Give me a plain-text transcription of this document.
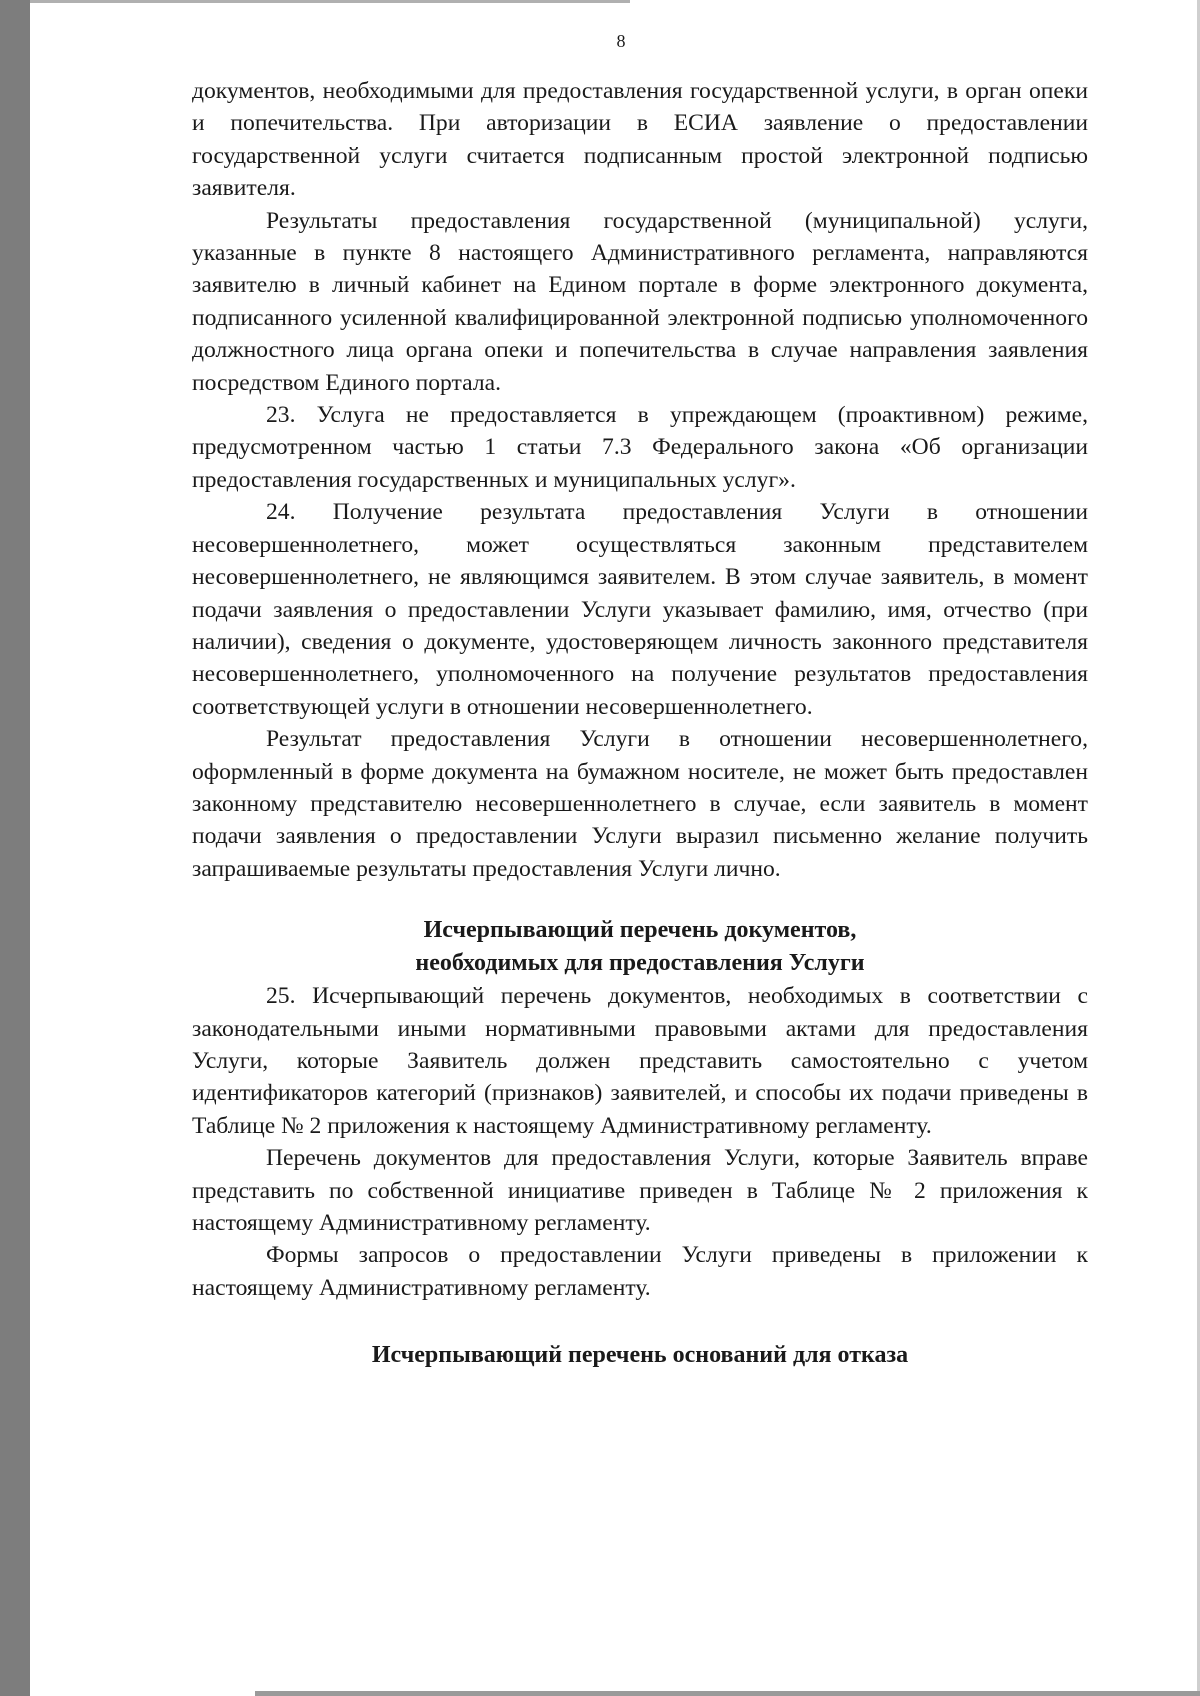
8

документов, необходимыми для предоставления государственной услуги, в орган опеки и попечительства. При авторизации в ЕСИА заявление о предоставлении государственной услуги считается подписанным простой электронной подписью заявителя.

Результаты предоставления государственной (муниципальной) услуги, указанные в пункте 8 настоящего Административного регламента, направляются заявителю в личный кабинет на Едином портале в форме электронного документа, подписанного усиленной квалифицированной электронной подписью уполномоченного должностного лица органа опеки и попечительства в случае направления заявления посредством Единого портала.

23. Услуга не предоставляется в упреждающем (проактивном) режиме, предусмотренном частью 1 статьи 7.3 Федерального закона «Об организации предоставления государственных и муниципальных услуг».

24. Получение результата предоставления Услуги в отношении несовершеннолетнего, может осуществляться законным представителем несовершеннолетнего, не являющимся заявителем. В этом случае заявитель, в момент подачи заявления о предоставлении Услуги указывает фамилию, имя, отчество (при наличии), сведения о документе, удостоверяющем личность законного представителя несовершеннолетнего, уполномоченного на получение результатов предоставления соответствующей услуги в отношении несовершеннолетнего.

Результат предоставления Услуги в отношении несовершеннолетнего, оформленный в форме документа на бумажном носителе, не может быть предоставлен законному представителю несовершеннолетнего в случае, если заявитель в момент подачи заявления о предоставлении Услуги выразил письменно желание получить запрашиваемые результаты предоставления Услуги лично.

Исчерпывающий перечень документов,

необходимых для предоставления Услуги

25. Исчерпывающий перечень документов, необходимых в соответствии с законодательными иными нормативными правовыми актами для предоставления Услуги, которые Заявитель должен представить самостоятельно с учетом идентификаторов категорий (признаков) заявителей, и способы их подачи приведены в Таблице № 2 приложения к настоящему Административному регламенту.

Перечень документов для предоставления Услуги, которые Заявитель вправе представить по собственной инициативе приведен в Таблице № 2 приложения к настоящему Административному регламенту.

Формы запросов о предоставлении Услуги приведены в приложении к настоящему Административному регламенту.

Исчерпывающий перечень оснований для отказа
